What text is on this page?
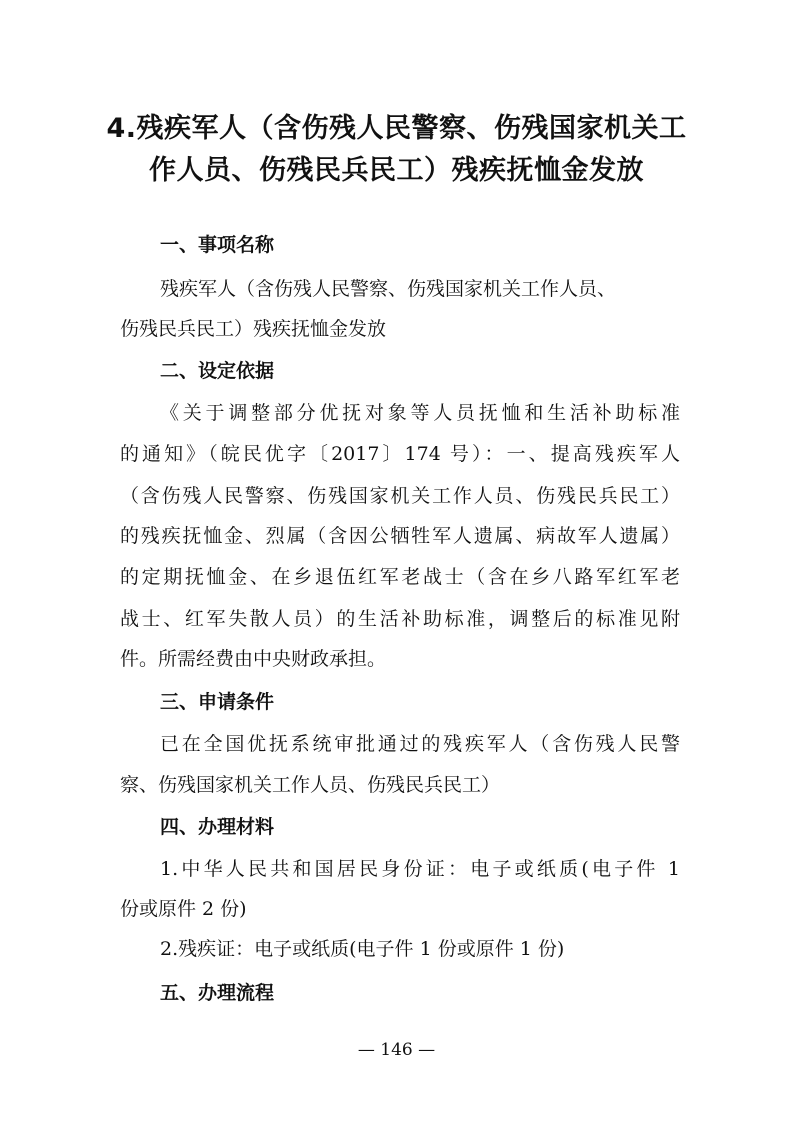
4.残疾军人（含伤残人民警察、伤残国家机关工
作人员、伤残民兵民工）残疾抚恤金发放
一、事项名称
残疾军人（含伤残人民警察、伤残国家机关工作人员、
伤残民兵民工）残疾抚恤金发放
二、设定依据
《关于调整部分优抚对象等人员抚恤和生活补助标准
的通知》（皖民优字〔2017〕174 号）：一、提高残疾军人
（含伤残人民警察、伤残国家机关工作人员、伤残民兵民工）
的残疾抚恤金、烈属（含因公牺牲军人遗属、病故军人遗属）
的定期抚恤金、在乡退伍红军老战士（含在乡八路军红军老
战士、红军失散人员）的生活补助标准，调整后的标准见附
件。所需经费由中央财政承担。
三、申请条件
已在全国优抚系统审批通过的残疾军人（含伤残人民警
察、伤残国家机关工作人员、伤残民兵民工）
四、办理材料
1.中华人民共和国居民身份证：电子或纸质(电子件 1
份或原件 2 份)
2.残疾证：电子或纸质(电子件 1 份或原件 1 份)
五、办理流程
— 146 —
